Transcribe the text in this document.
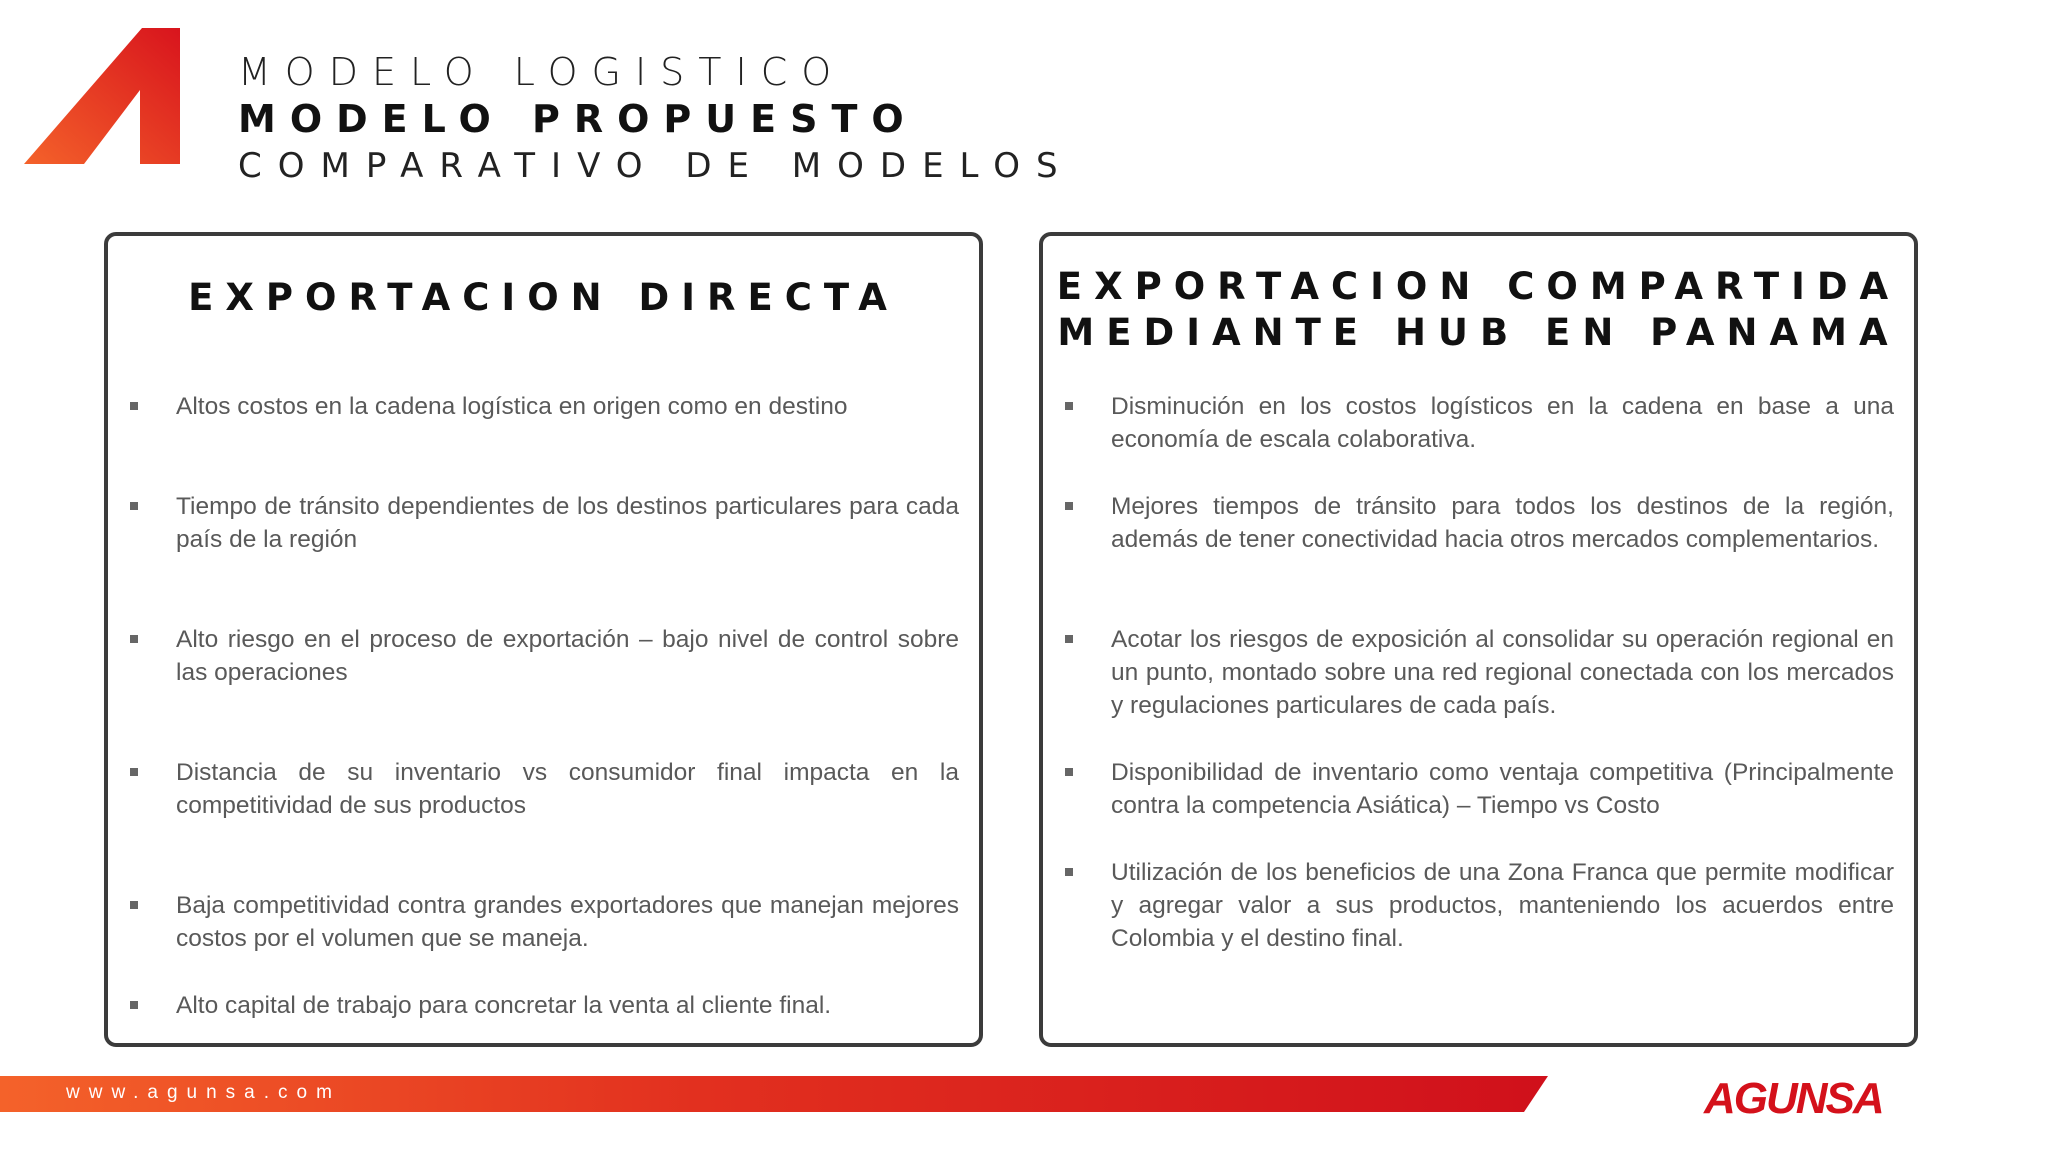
MODELO LOGISTICO
MODELO PROPUESTO
COMPARATIVO DE MODELOS
EXPORTACION DIRECTA
Altos costos en la cadena logística en origen como en destino
Tiempo de tránsito dependientes de los destinos particulares para cada país de la región
Alto riesgo en el proceso de exportación – bajo nivel de control sobre las operaciones
Distancia de su inventario vs consumidor final impacta en la competitividad de sus productos
Baja competitividad contra grandes exportadores que manejan mejores costos por el volumen que se maneja.
Alto capital de trabajo para concretar la venta al cliente final.
EXPORTACION COMPARTIDA
MEDIANTE HUB EN PANAMA
Disminución en los costos logísticos en la cadena en base a una economía de escala colaborativa.
Mejores tiempos de tránsito para todos los destinos de la región, además de tener conectividad hacia otros mercados complementarios.
Acotar los riesgos de exposición al consolidar su operación regional en un punto, montado sobre una red regional conectada con los mercados y regulaciones particulares de cada país.
Disponibilidad de inventario como ventaja competitiva (Principalmente contra la competencia Asiática) – Tiempo vs Costo
Utilización de los beneficios de una Zona Franca que permite modificar y agregar valor a sus productos, manteniendo los acuerdos entre Colombia y el destino final.
www.agunsa.com	AGUNSA
